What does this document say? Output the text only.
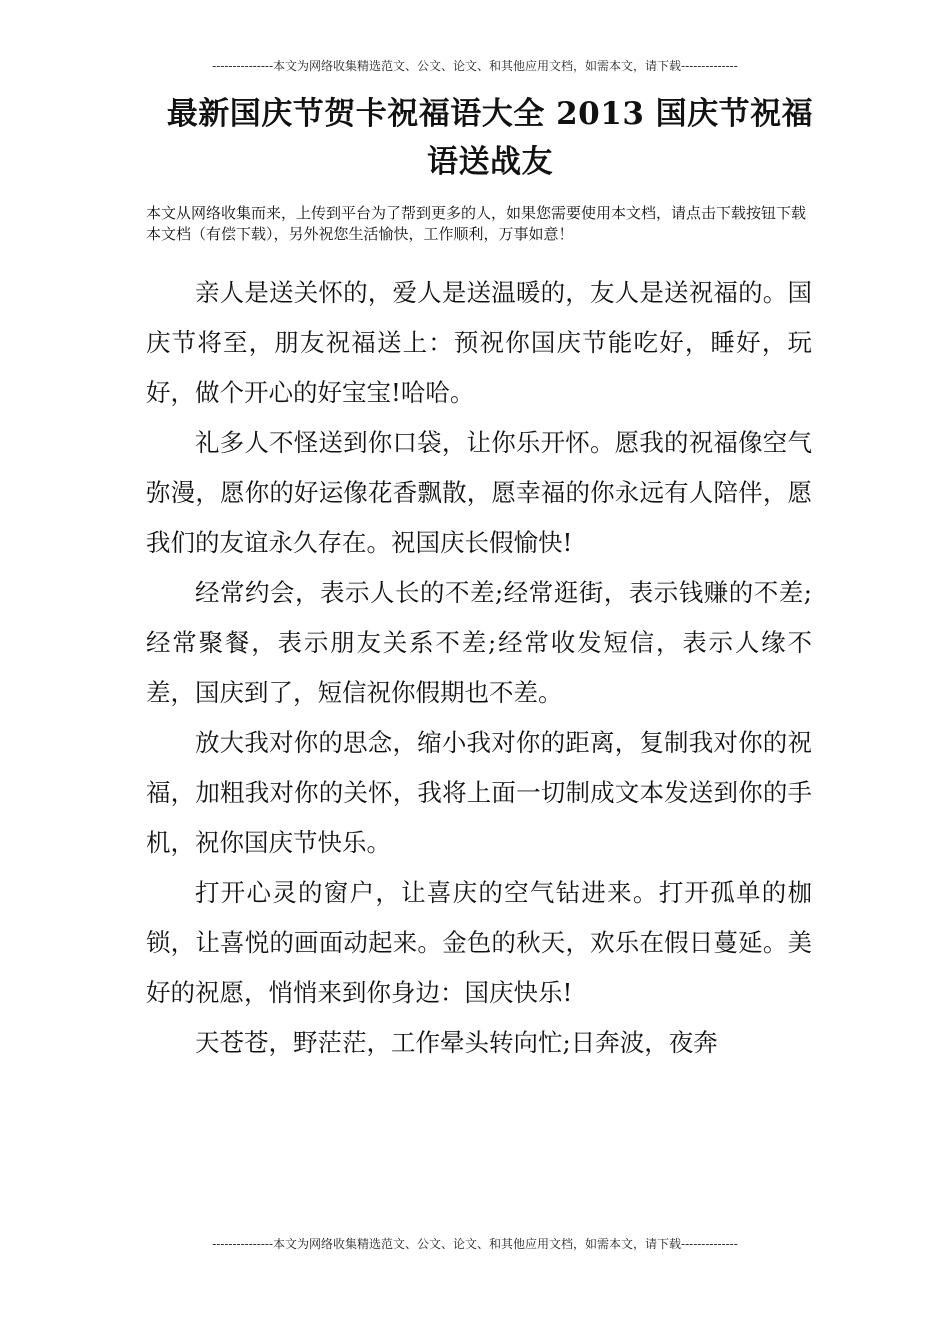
---------------本文为网络收集精选范文、公文、论文、和其他应用文档，如需本文，请下载--------------
最新国庆节贺卡祝福语大全 2013 国庆节祝福语送战友
本文从网络收集而来，上传到平台为了帮到更多的人，如果您需要使用本文档，请点击下载按钮下载本文档（有偿下载），另外祝您生活愉快，工作顺利，万事如意！

亲人是送关怀的，爱人是送温暖的，友人是送祝福的。国庆节将至，朋友祝福送上：预祝你国庆节能吃好，睡好，玩好，做个开心的好宝宝!哈哈。

礼多人不怪送到你口袋，让你乐开怀。愿我的祝福像空气弥漫，愿你的好运像花香飘散，愿幸福的你永远有人陪伴，愿我们的友谊永久存在。祝国庆长假愉快!

经常约会，表示人长的不差;经常逛街，表示钱赚的不差;经常聚餐，表示朋友关系不差;经常收发短信，表示人缘不差，国庆到了，短信祝你假期也不差。

放大我对你的思念，缩小我对你的距离，复制我对你的祝福，加粗我对你的关怀，我将上面一切制成文本发送到你的手机，祝你国庆节快乐。

打开心灵的窗户，让喜庆的空气钻进来。打开孤单的枷锁，让喜悦的画面动起来。金色的秋天，欢乐在假日蔓延。美好的祝愿，悄悄来到你身边：国庆快乐!

天苍苍，野茫茫，工作晕头转向忙;日奔波，夜奔

---------------本文为网络收集精选范文、公文、论文、和其他应用文档，如需本文，请下载--------------
